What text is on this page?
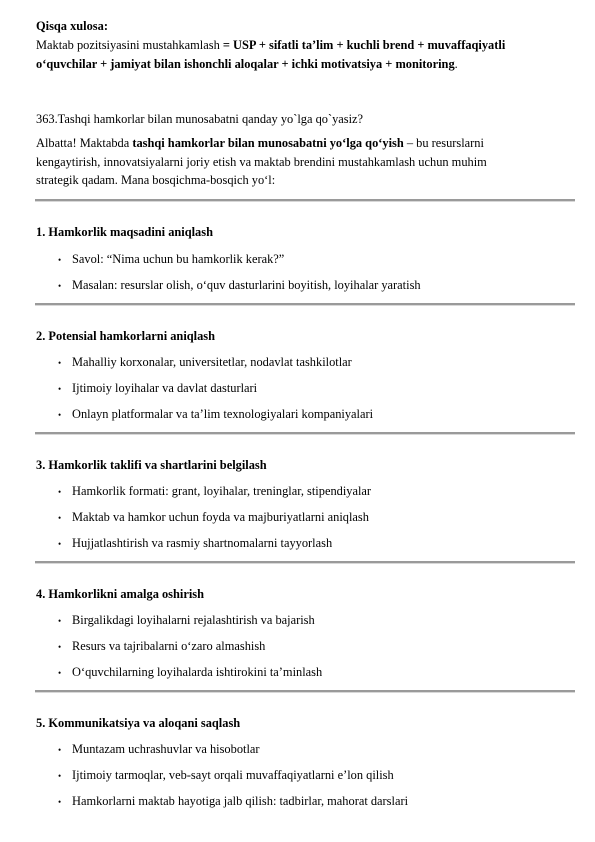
Qisqa xulosa:
Maktab pozitsiyasini mustahkamlash = USP + sifatli ta’lim + kuchli brend + muvaffaqiyatli
o‘quvchilar + jamiyat bilan ishonchli aloqalar + ichki motivatsiya + monitoring.
363.Tashqi hamkorlar bilan munosabatni qanday yo`lga qo`yasiz?
Albatta! Maktabda tashqi hamkorlar bilan munosabatni yo‘lga qo‘yish – bu resurslarni
kengaytirish, innovatsiyalarni joriy etish va maktab brendini mustahkamlash uchun muhim
strategik qadam. Mana bosqichma-bosqich yo‘l:
1. Hamkorlik maqsadini aniqlash
• Savol: “Nima uchun bu hamkorlik kerak?”
• Masalan: resurslar olish, o‘quv dasturlarini boyitish, loyihalar yaratish
2. Potensial hamkorlarni aniqlash
• Mahalliy korxonalar, universitetlar, nodavlat tashkilotlar
• Ijtimoiy loyihalar va davlat dasturlari
• Onlayn platformalar va ta’lim texnologiyalari kompaniyalari
3. Hamkorlik taklifi va shartlarini belgilash
• Hamkorlik formati: grant, loyihalar, treninglar, stipendiyalar
• Maktab va hamkor uchun foyda va majburiyatlarni aniqlash
• Hujjatlashtirish va rasmiy shartnomalarni tayyorlash
4. Hamkorlikni amalga oshirish
• Birgalikdagi loyihalarni rejalashtirish va bajarish
• Resurs va tajribalarni o‘zaro almashish
• O‘quvchilarning loyihalarda ishtirokini ta’minlash
5. Kommunikatsiya va aloqani saqlash
• Muntazam uchrashuvlar va hisobotlar
• Ijtimoiy tarmoqlar, veb-sayt orqali muvaffaqiyatlarni e’lon qilish
• Hamkorlarni maktab hayotiga jalb qilish: tadbirlar, mahorat darslari
